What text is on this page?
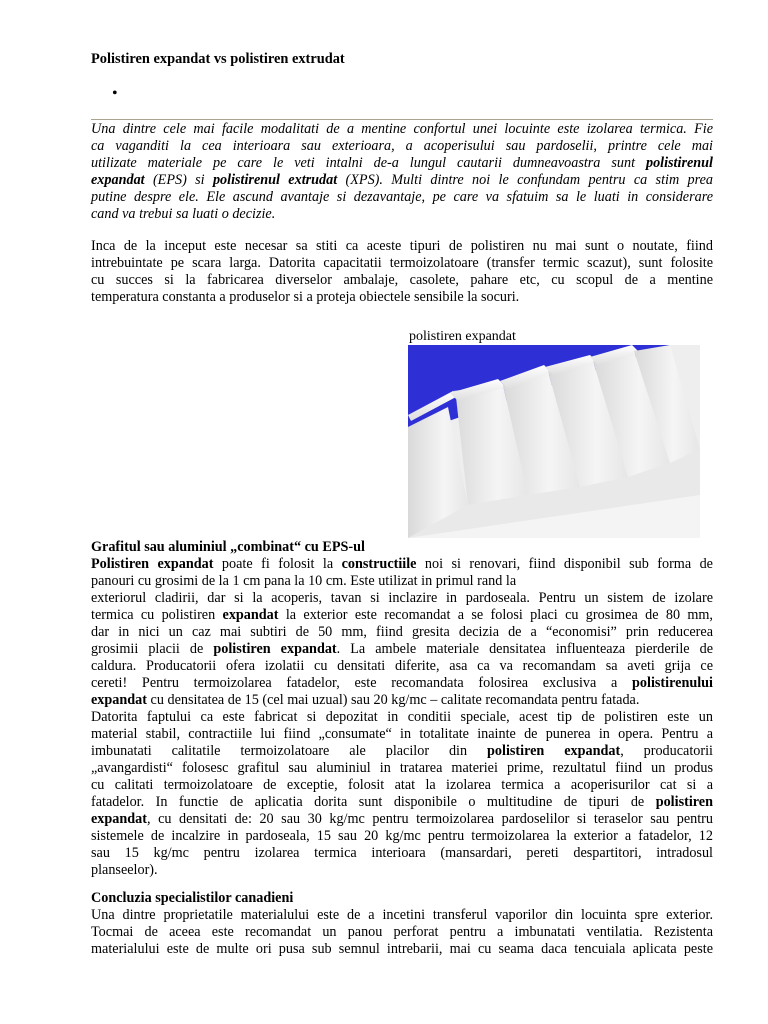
Polistiren expandat vs polistiren extrudat
•
Una dintre cele mai facile modalitati de a mentine confortul unei locuinte este izolarea termica. Fie
ca vaganditi la cea interioara sau exterioara, a acoperisului sau pardoselii, printre cele mai
utilizate materiale pe care le veti intalni de-a lungul cautarii dumneavoastra sunt polistirenul
expandat (EPS) si polistirenul extrudat (XPS). Multi dintre noi le confundam pentru ca stim prea
putine despre ele. Ele ascund avantaje si dezavantaje, pe care va sfatuim sa le luati in considerare
cand va trebui sa luati o decizie.
Inca de la inceput este necesar sa stiti ca aceste tipuri de polistiren nu mai sunt o noutate, fiind
intrebuintate pe scara larga. Datorita capacitatii termoizolatoare (transfer termic scazut), sunt folosite
cu succes si la fabricarea diverselor ambalaje, casolete, pahare etc, cu scopul de a mentine
temperatura constanta a produselor si a proteja obiectele sensibile la socuri.
polistiren expandat
Grafitul sau aluminiul „combinat“ cu EPS-ul
Polistiren expandat poate fi folosit la constructiile noi si renovari, fiind disponibil sub forma de
panouri cu grosimi de la 1 cm pana la 10 cm. Este utilizat in primul rand la
exteriorul cladirii, dar si la acoperis, tavan si inclazire in pardoseala. Pentru un sistem de izolare
termica cu polistiren expandat la exterior este recomandat a se folosi placi cu grosimea de 80 mm,
dar in nici un caz mai subtiri de 50 mm, fiind gresita decizia de a “economisi” prin reducerea
grosimii placii de polistiren expandat. La ambele materiale densitatea influenteaza pierderile de
caldura. Producatorii ofera izolatii cu densitati diferite, asa ca va recomandam sa aveti grija ce
cereti! Pentru termoizolarea fatadelor, este recomandata folosirea exclusiva a polistirenului
expandat cu densitatea de 15 (cel mai uzual) sau 20 kg/mc – calitate recomandata pentru fatada.
Datorita faptului ca este fabricat si depozitat in conditii speciale, acest tip de polistiren este un
material stabil, contractiile lui fiind „consumate“ in totalitate inainte de punerea in opera. Pentru a
imbunatati calitatile termoizolatoare ale placilor din polistiren expandat, producatorii
„avangardisti“ folosesc grafitul sau aluminiul in tratarea materiei prime, rezultatul fiind un produs
cu calitati termoizolatoare de exceptie, folosit atat la izolarea termica a acoperisurilor cat si a
fatadelor. In functie de aplicatia dorita sunt disponibile o multitudine de tipuri de polistiren
expandat, cu densitati de: 20 sau 30 kg/mc pentru termoizolarea pardoselilor si teraselor sau pentru
sistemele de incalzire in pardoseala, 15 sau 20 kg/mc pentru termoizolarea la exterior a fatadelor, 12
sau 15 kg/mc pentru izolarea termica interioara (mansardari, pereti despartitori, intradosul
planseelor).
Concluzia specialistilor canadieni
Una dintre proprietatile materialului este de a incetini transferul vaporilor din locuinta spre exterior.
Tocmai de aceea este recomandat un panou perforat pentru a imbunatati ventilatia. Rezistenta
materialului este de multe ori pusa sub semnul intrebarii, mai cu seama daca tencuiala aplicata peste
